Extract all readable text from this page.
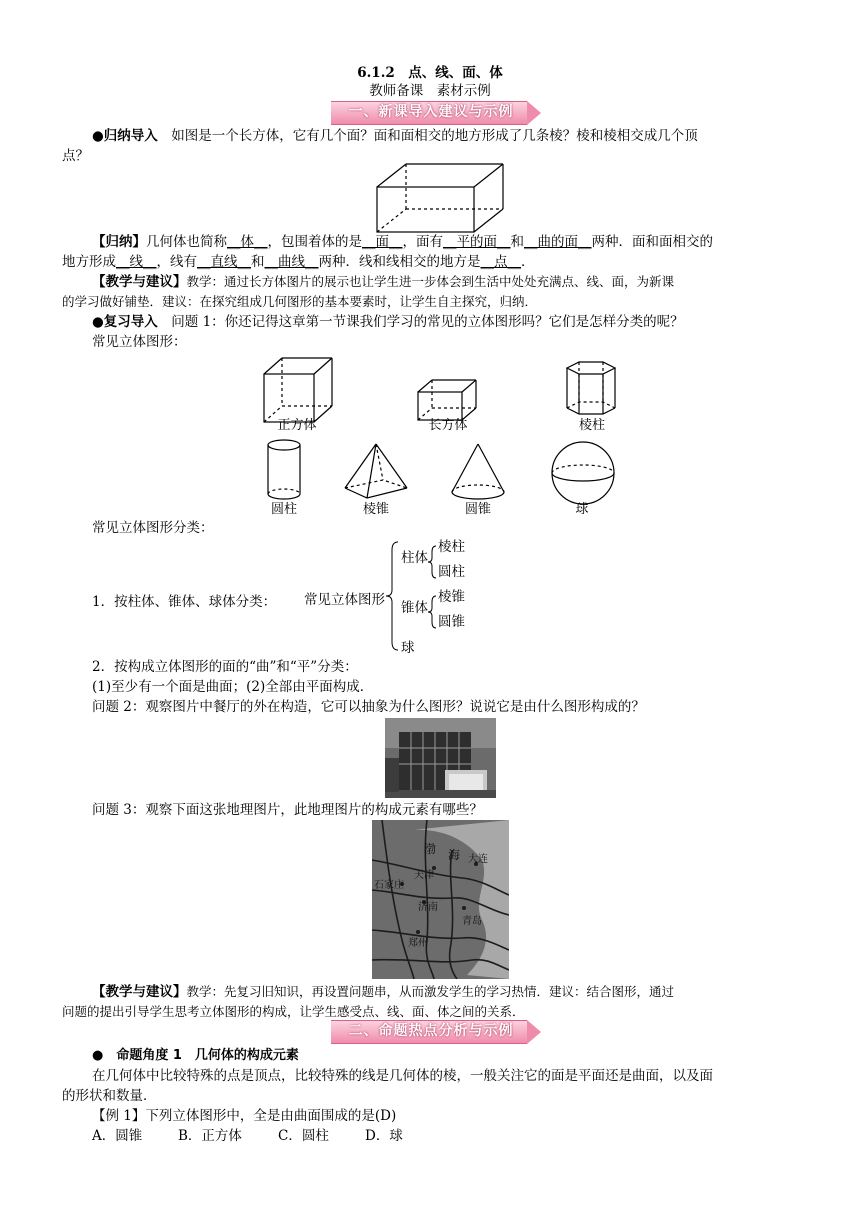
6.1.2　点、线、面、体
教师备课　素材示例
一、新课导入建议与示例
●归纳导入　如图是一个长方体，它有几个面？面和面相交的地方形成了几条棱？棱和棱相交成几个顶
点？
【归纳】几何体也简称__体__，包围着体的是__面__，面有__平的面__和__曲的面__两种．面和面相交的
地方形成__线__，线有__直线__和__曲线__两种．线和线相交的地方是__点__．
【教学与建议】教学：通过长方体图片的展示也让学生进一步体会到生活中处处充满点、线、面，为新课
的学习做好铺垫．建议：在探究组成几何图形的基本要素时，让学生自主探究，归纳．
●复习导入　问题 1：你还记得这章第一节课我们学习的常见的立体图形吗？它们是怎样分类的呢？
常见立体图形：
正方体	长方体	棱柱
圆柱	棱锥	圆锥	球
常见立体图形分类：
1．按柱体、锥体、球体分类： 常见立体图形
柱体
棱柱
圆柱
锥体
棱锥
圆锥
球
2．按构成立体图形的面的“曲”和“平”分类：
(1)至少有一个面是曲面；(2)全部由平面构成．
问题 2：观察图片中餐厅的外在构造，它可以抽象为什么图形？说说它是由什么图形构成的？
问题 3：观察下面这张地理图片，此地理图片的构成元素有哪些？
渤 海
天津
大连
石家庄
济南
青岛
郑州
【教学与建议】教学：先复习旧知识，再设置问题串，从而激发学生的学习热情．建议：结合图形，通过
问题的提出引导学生思考立体图形的构成，让学生感受点、线、面、体之间的关系．
二、命题热点分析与示例
●　命题角度 1　几何体的构成元素
在几何体中比较特殊的点是顶点，比较特殊的线是几何体的棱，一般关注它的面是平面还是曲面，以及面
的形状和数量．
【例 1】下列立体图形中，全是由曲面围成的是(D)
A．圆锥	B．正方体	C．圆柱	D．球
